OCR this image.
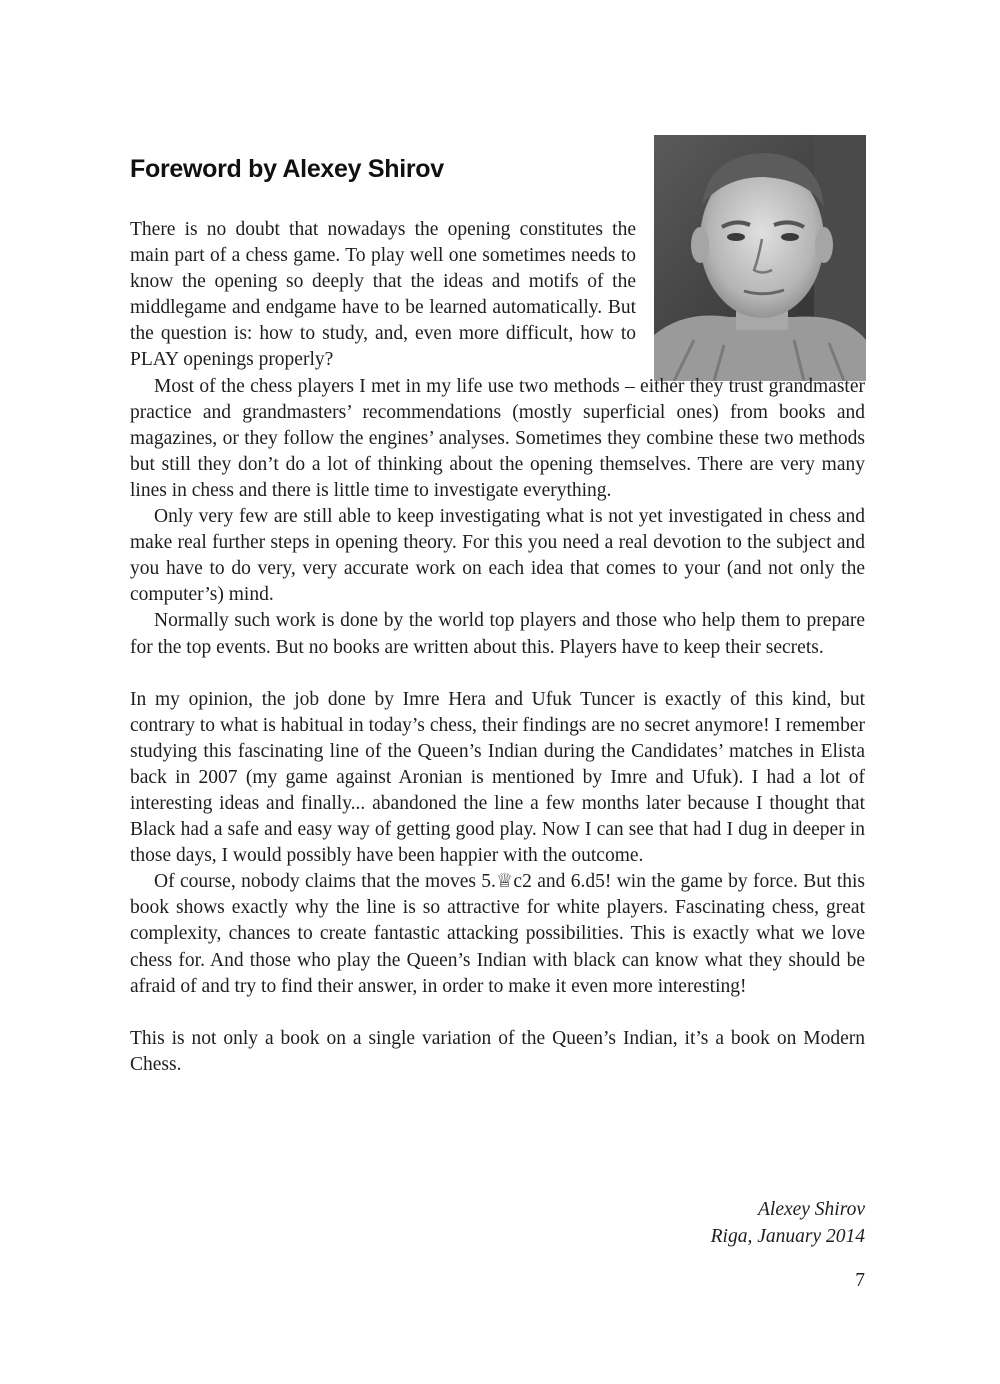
Foreword by Alexey Shirov

There is no doubt that nowadays the opening constitutes the main part of a chess game. To play well one sometimes needs to know the opening so deeply that the ideas and motifs of the middlegame and endgame have to be learned automatically. But the question is: how to study, and, even more difficult, how to PLAY openings properly?

Most of the chess players I met in my life use two methods – either they trust grandmaster practice and grandmasters’ recommendations (mostly superficial ones) from books and magazines, or they follow the engines’ analyses. Sometimes they combine these two methods but still they don’t do a lot of thinking about the opening themselves. There are very many lines in chess and there is little time to investigate everything.

Only very few are still able to keep investigating what is not yet investigated in chess and make real further steps in opening theory. For this you need a real devotion to the subject and you have to do very, very accurate work on each idea that comes to your (and not only the computer’s) mind.

Normally such work is done by the world top players and those who help them to prepare for the top events. But no books are written about this. Players have to keep their secrets.

In my opinion, the job done by Imre Hera and Ufuk Tuncer is exactly of this kind, but contrary to what is habitual in today’s chess, their findings are no secret anymore! I remember studying this fascinating line of the Queen’s Indian during the Candidates’ matches in Elista back in 2007 (my game against Aronian is mentioned by Imre and Ufuk). I had a lot of interesting ideas and finally... abandoned the line a few months later because I thought that Black had a safe and easy way of getting good play. Now I can see that had I dug in deeper in those days, I would possibly have been happier with the outcome.

Of course, nobody claims that the moves 5.♕c2 and 6.d5! win the game by force. But this book shows exactly why the line is so attractive for white players. Fascinating chess, great complexity, chances to create fantastic attacking possibilities. This is exactly what we love chess for. And those who play the Queen’s Indian with black can know what they should be afraid of and try to find their answer, in order to make it even more interesting!

This is not only a book on a single variation of the Queen’s Indian, it’s a book on Modern Chess.

Alexey Shirov
Riga, January 2014
7
